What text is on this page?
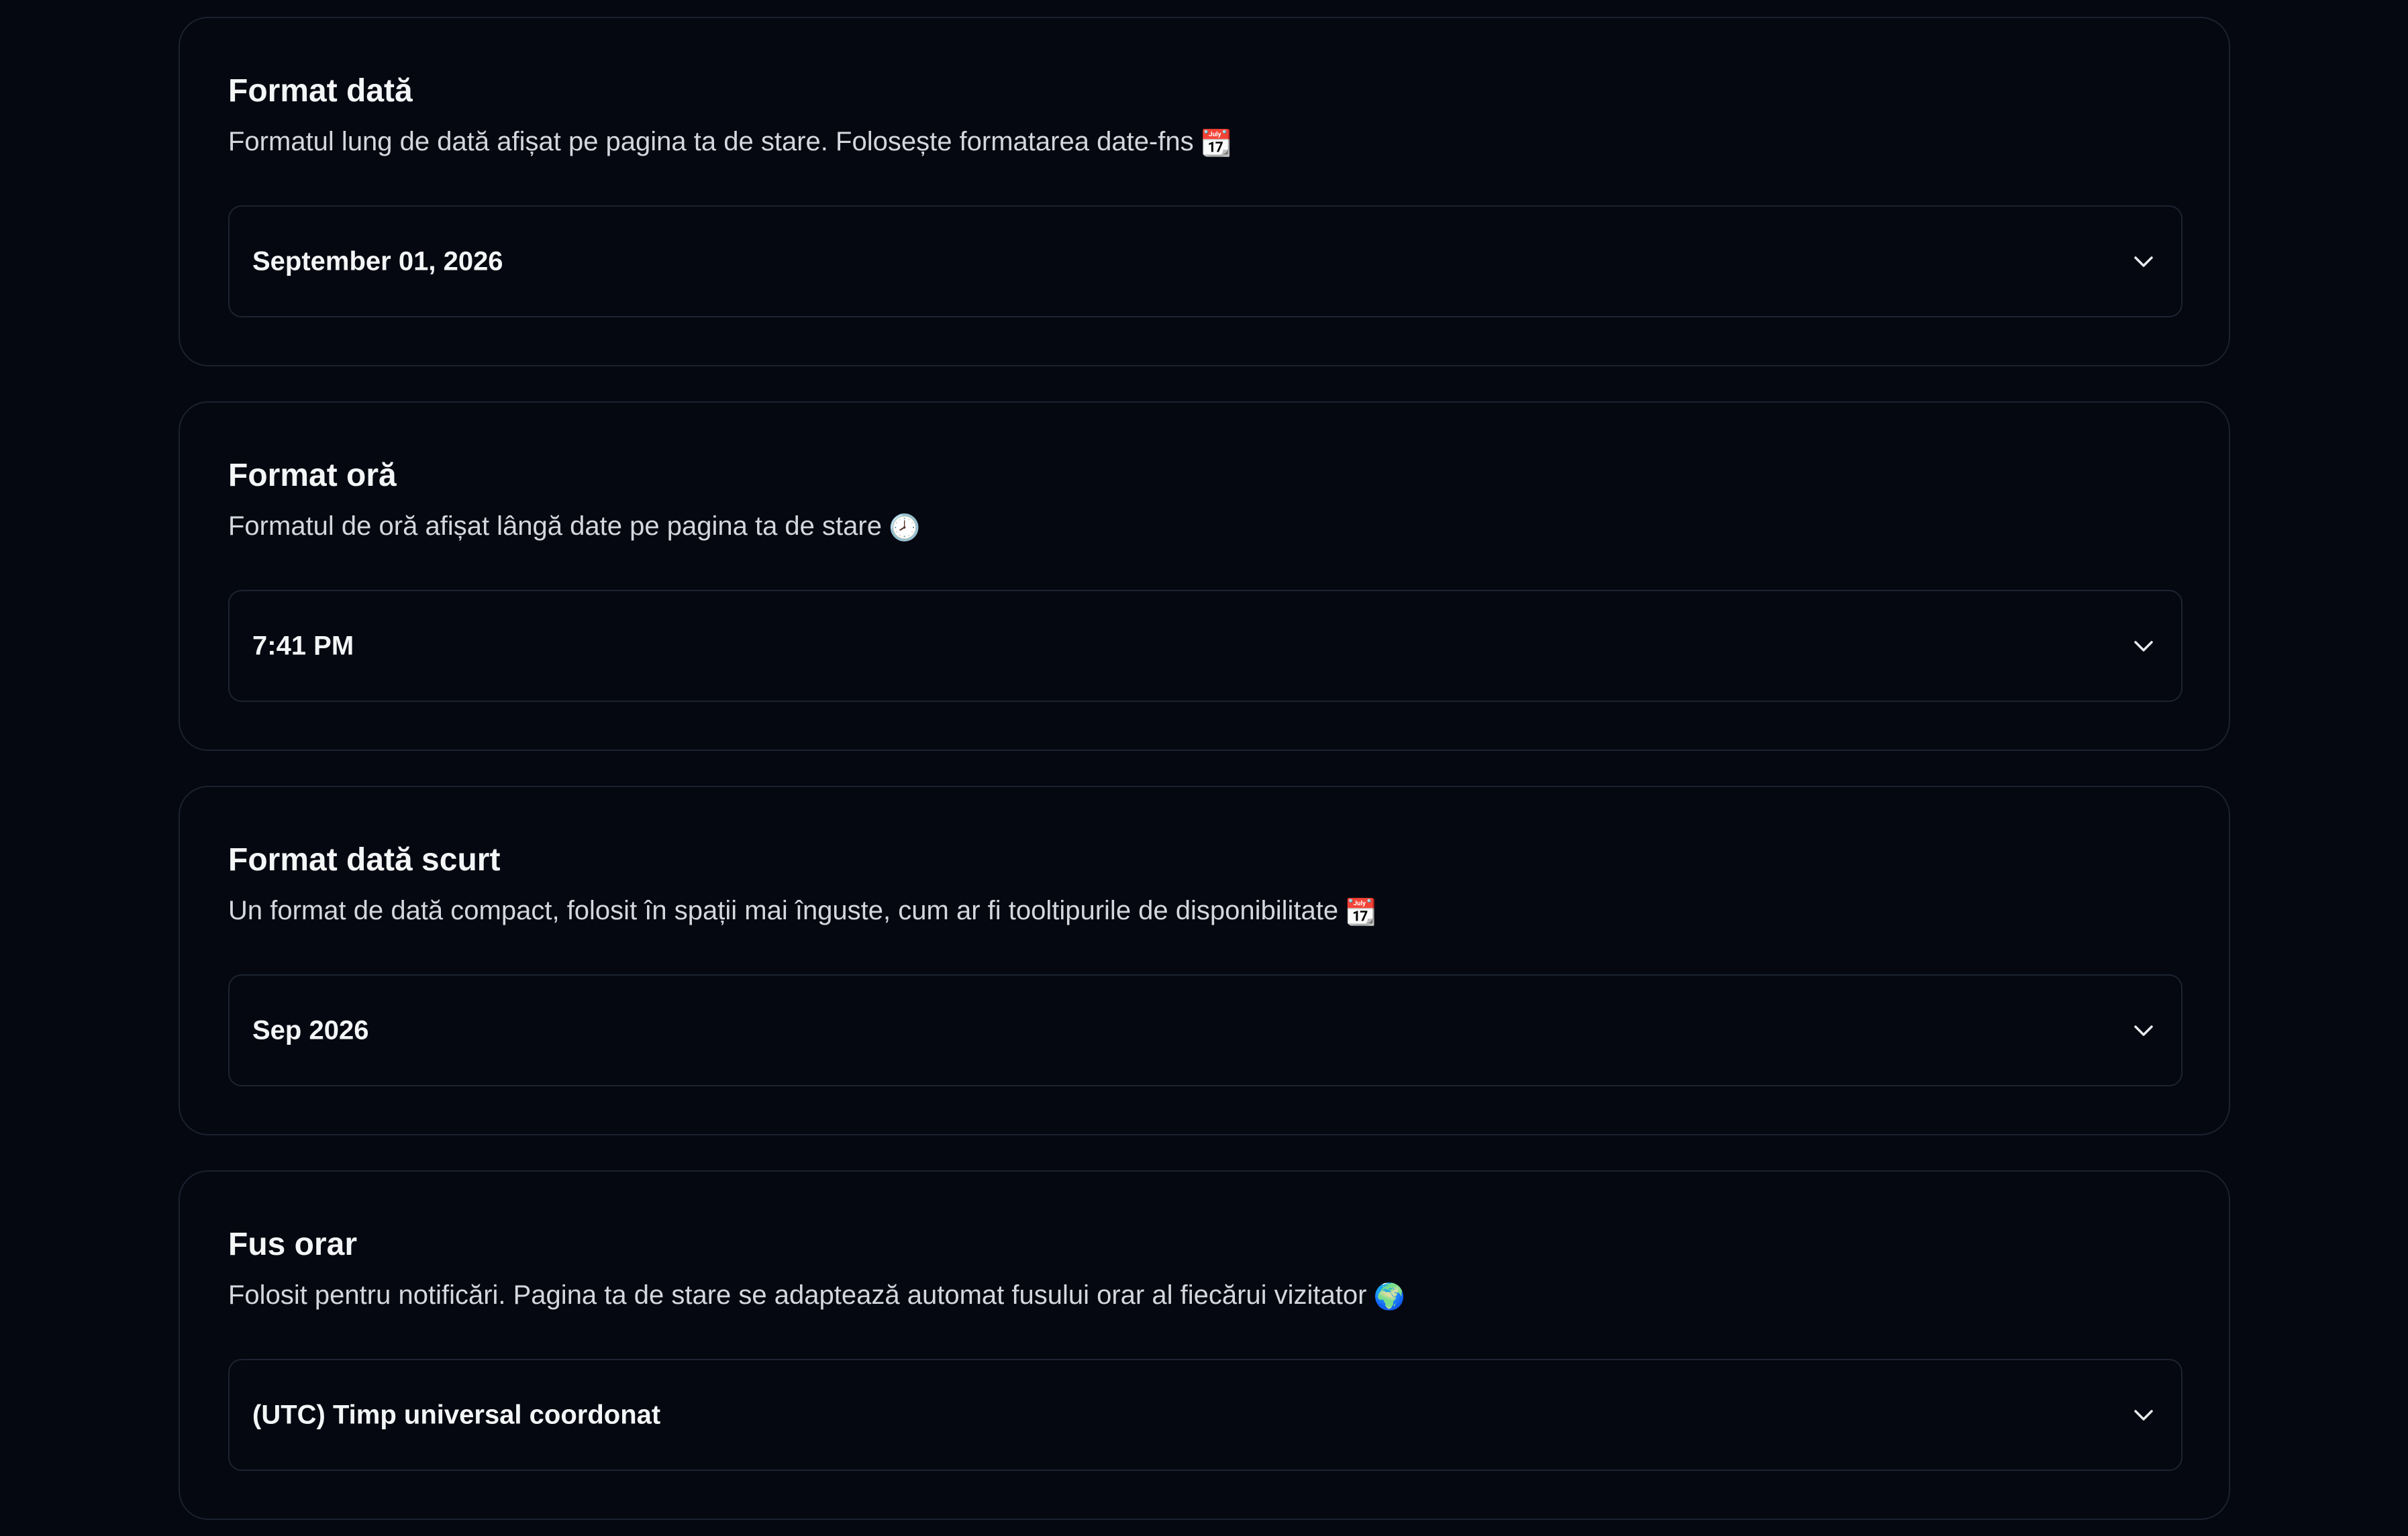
Format dată

Formatul lung de dată afișat pe pagina ta de stare. Folosește formatarea date-fns 📆

September 01, 2026
Format oră

Formatul de oră afișat lângă date pe pagina ta de stare 🕗

7:41 PM
Format dată scurt

Un format de dată compact, folosit în spații mai înguste, cum ar fi tooltipurile de disponibilitate 📆

Sep 2026
Fus orar

Folosit pentru notificări. Pagina ta de stare se adaptează automat fusului orar al fiecărui vizitator 🌍

(UTC) Timp universal coordonat
